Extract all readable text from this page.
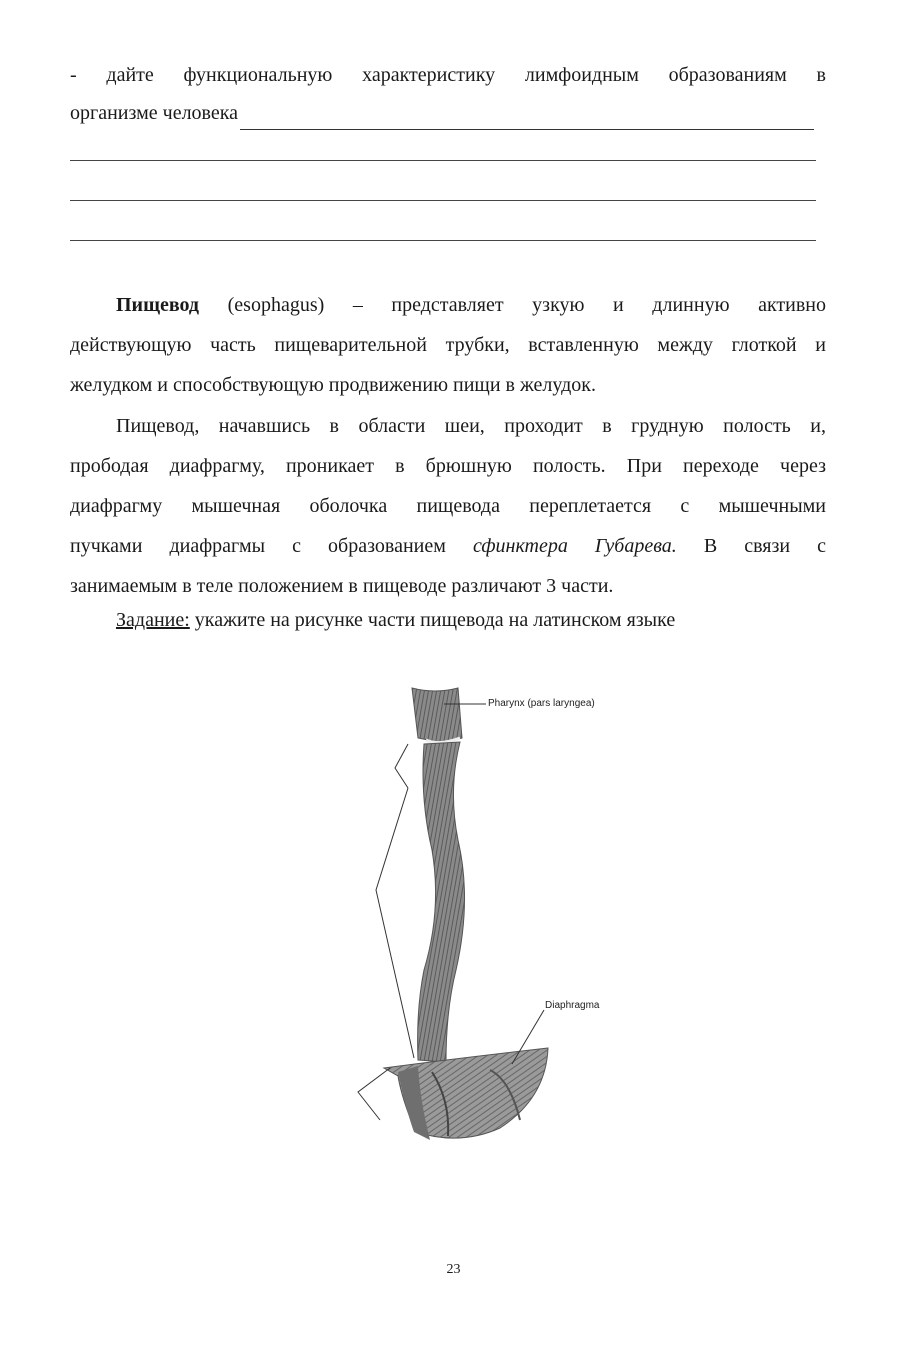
- дайте функциональную характеристику лимфоидным образованиям в
организме человека

Пищевод (esophagus) – представляет узкую и длинную активно
действующую часть пищеварительной трубки, вставленную между глоткой и
желудком и способствующую продвижению пищи в желудок.

Пищевод, начавшись в области шеи, проходит в грудную полость и,
прободая диафрагму, проникает в брюшную полость. При переходе через
диафрагму мышечная оболочка пищевода переплетается с мышечными
пучками диафрагмы с образованием сфинктера Губарева. В связи с
занимаемым в теле положением в пищеводе различают 3 части.

Задание: укажите на рисунке части пищевода на латинском языке
Pharynx (pars laryngea)
Diaphragma
23
